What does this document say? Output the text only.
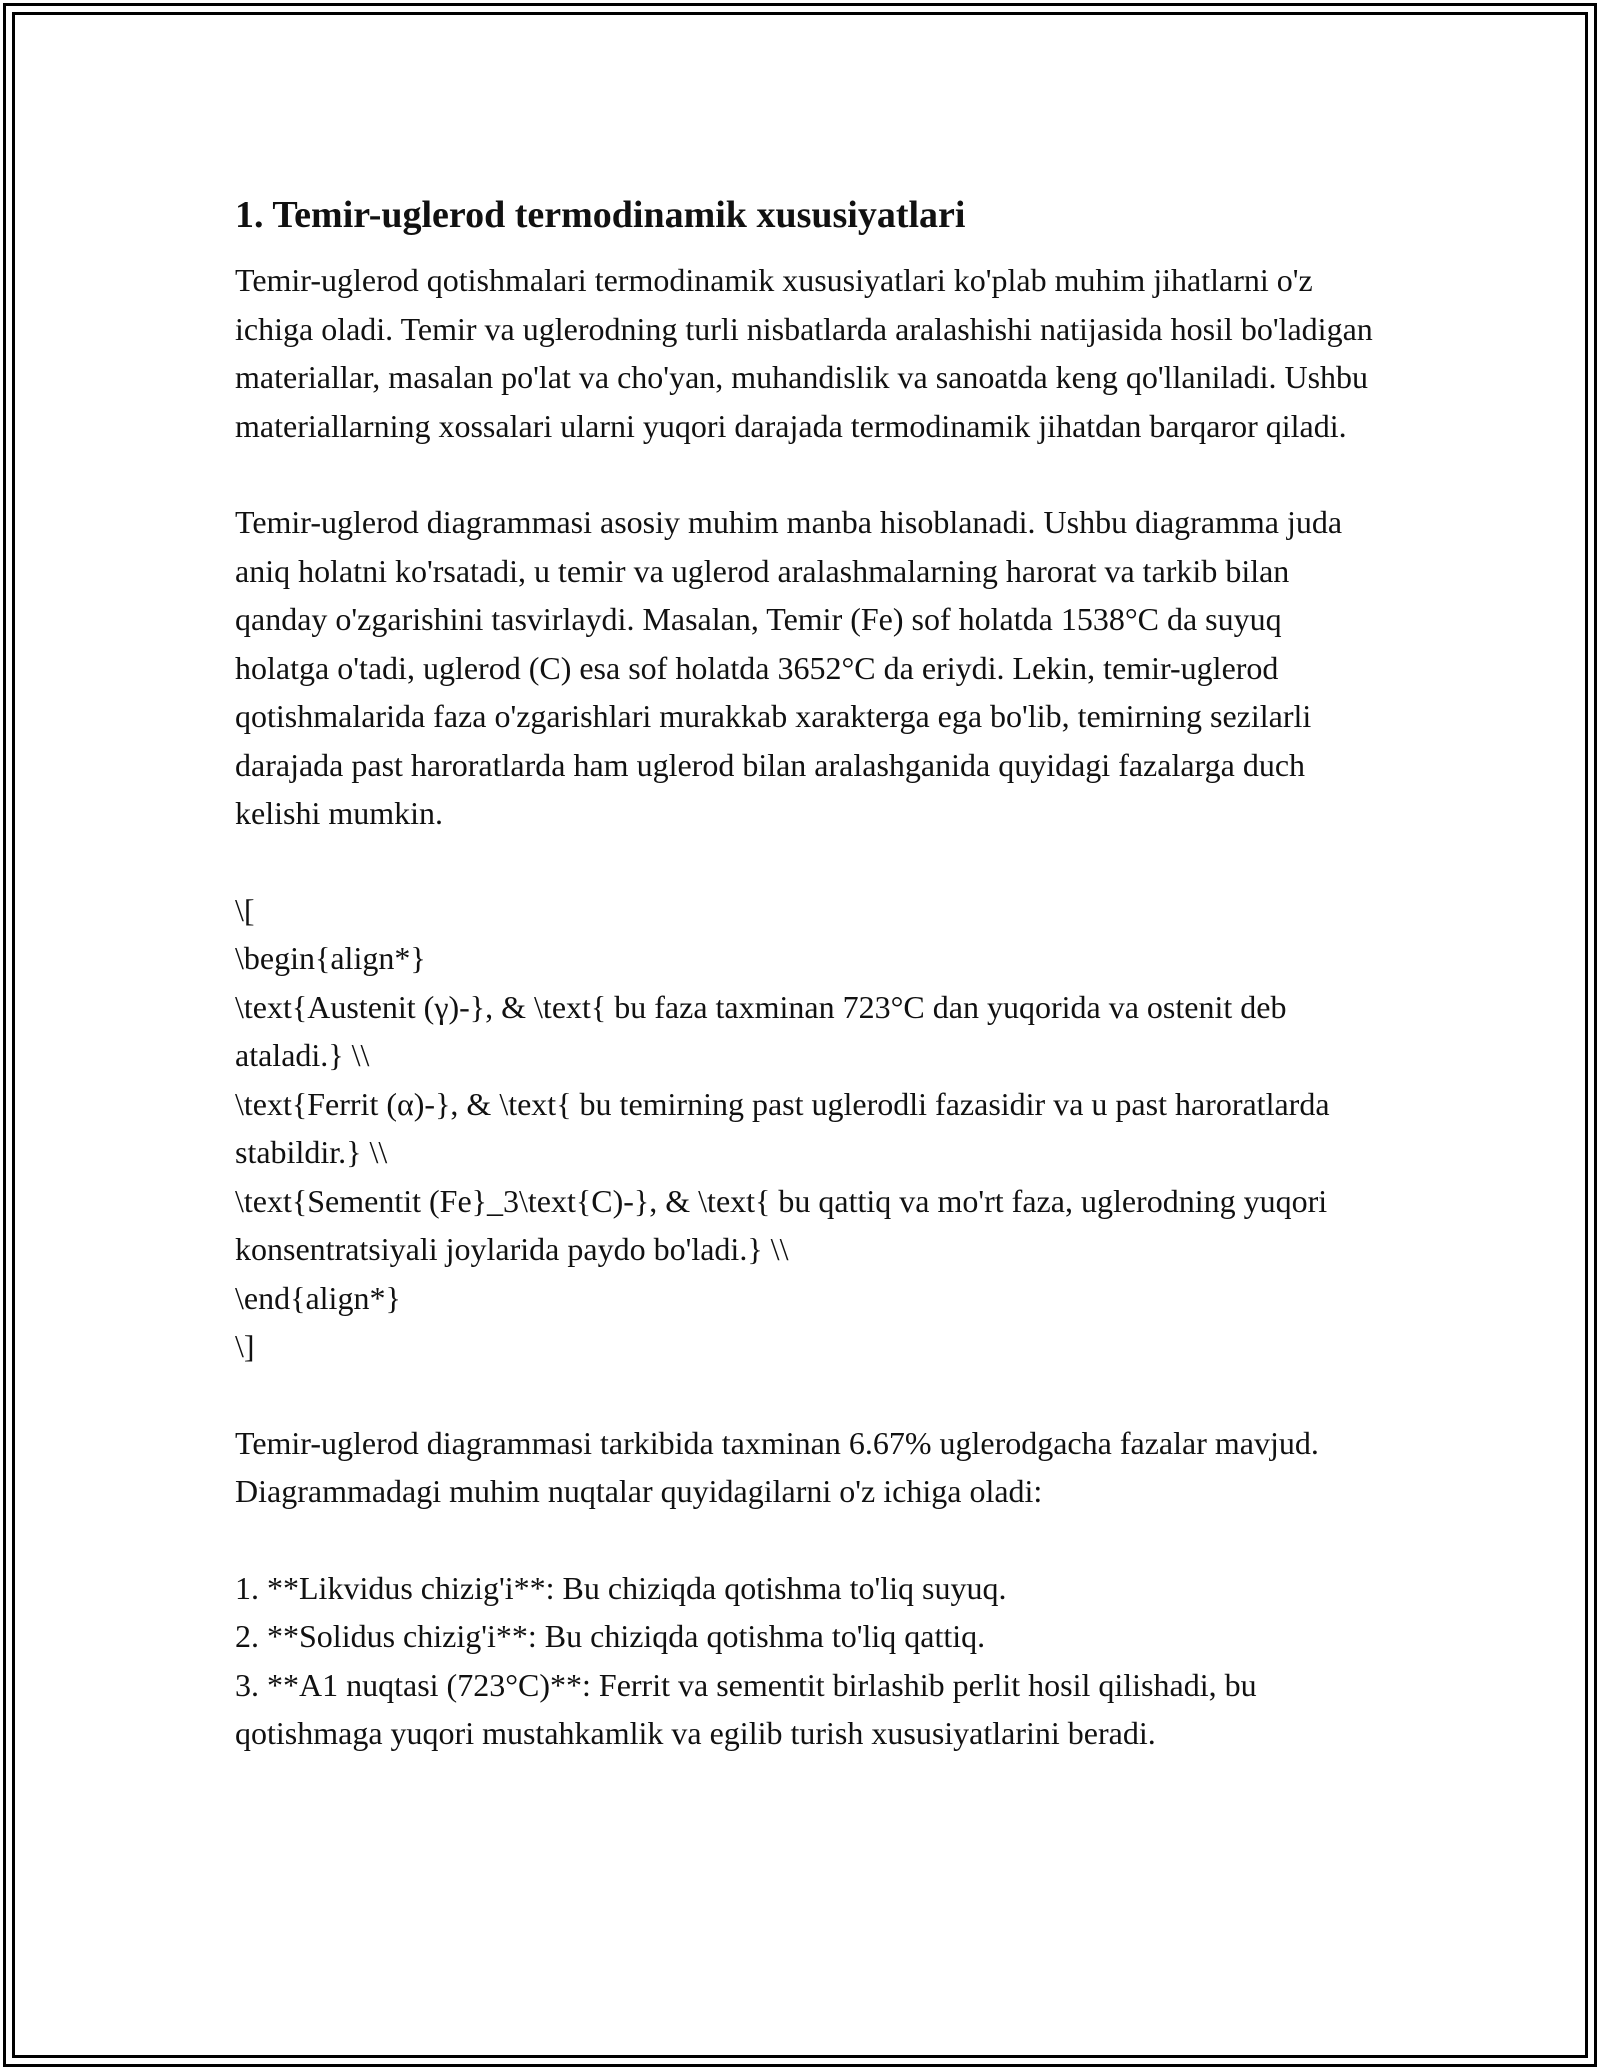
1. Temir-uglerod termodinamik xususiyatlari

Temir-uglerod qotishmalari termodinamik xususiyatlari ko'plab muhim jihatlarni o'z ichiga oladi. Temir va uglerodning turli nisbatlarda aralashishi natijasida hosil bo'ladigan materiallar, masalan po'lat va cho'yan, muhandislik va sanoatda keng qo'llaniladi. Ushbu materiallarning xossalari ularni yuqori darajada termodinamik jihatdan barqaror qiladi.

Temir-uglerod diagrammasi asosiy muhim manba hisoblanadi. Ushbu diagramma juda aniq holatni ko'rsatadi, u temir va uglerod aralashmalarning harorat va tarkib bilan qanday o'zgarishini tasvirlaydi. Masalan, Temir (Fe) sof holatda 1538°C da suyuq holatga o'tadi, uglerod (C) esa sof holatda 3652°C da eriydi. Lekin, temir-uglerod qotishmalarida faza o'zgarishlari murakkab xarakterga ega bo'lib, temirning sezilarli darajada past haroratlarda ham uglerod bilan aralashganida quyidagi fazalarga duch kelishi mumkin.

\[
\begin{align*}
\text{Austenit (γ)-}, & \text{ bu faza taxminan 723°C dan yuqorida va ostenit deb ataladi.} \\
\text{Ferrit (α)-}, & \text{ bu temirning past uglerodli fazasidir va u past haroratlarda stabildir.} \\
\text{Sementit (Fe}_3\text{C)-}, & \text{ bu qattiq va mo'rt faza, uglerodning yuqori konsentratsiyali joylarida paydo bo'ladi.} \\
\end{align*}
\]

Temir-uglerod diagrammasi tarkibida taxminan 6.67% uglerodgacha fazalar mavjud. Diagrammadagi muhim nuqtalar quyidagilarni o'z ichiga oladi:

1. **Likvidus chizig'i**: Bu chiziqda qotishma to'liq suyuq.
2. **Solidus chizig'i**: Bu chiziqda qotishma to'liq qattiq.
3. **A1 nuqtasi (723°C)**: Ferrit va sementit birlashib perlit hosil qilishadi, bu qotishmaga yuqori mustahkamlik va egilib turish xususiyatlarini beradi.
